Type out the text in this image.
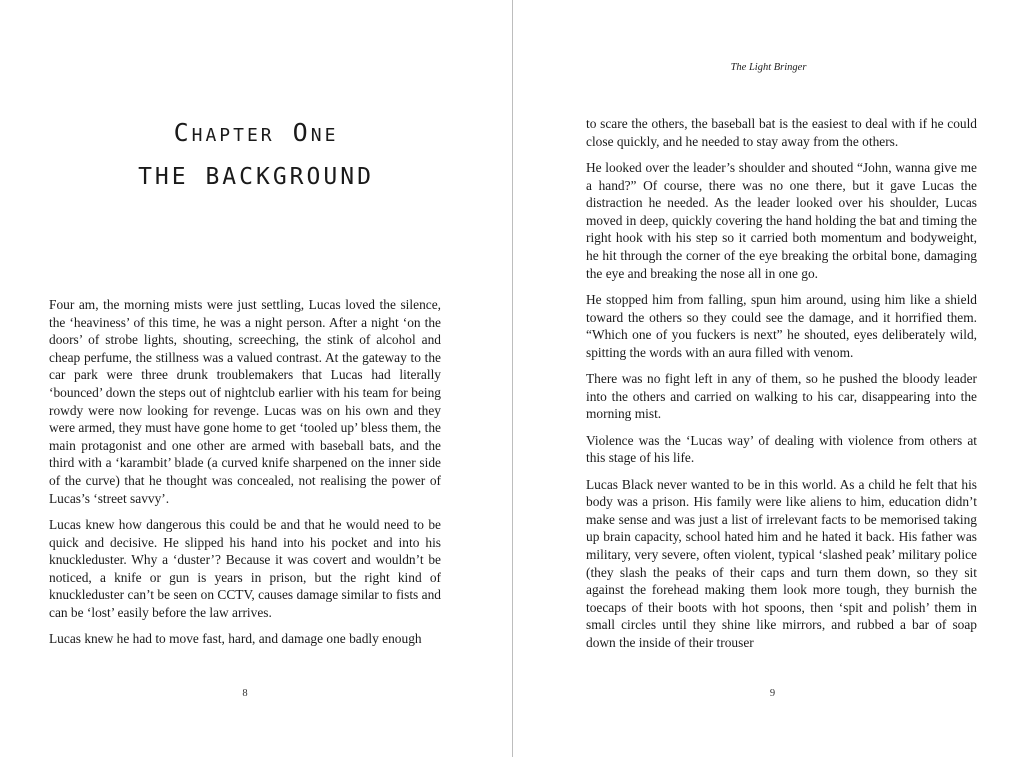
Chapter One
THE BACKGROUND

Four am, the morning mists were just settling, Lucas loved the silence, the ‘heaviness’ of this time, he was a night person. After a night ‘on the doors’ of strobe lights, shouting, screeching, the stink of alcohol and cheap perfume, the stillness was a valued contrast. At the gateway to the car park were three drunk troublemakers that Lucas had literally ‘bounced’ down the steps out of nightclub earlier with his team for being rowdy were now looking for revenge. Lucas was on his own and they were armed, they must have gone home to get ‘tooled up’ bless them, the main protagonist and one other are armed with baseball bats, and the third with a ‘karambit’ blade (a curved knife sharpened on the inner side of the curve) that he thought was concealed, not realising the power of Lucas’s ‘street savvy’.

Lucas knew how dangerous this could be and that he would need to be quick and decisive. He slipped his hand into his pocket and into his knuckleduster. Why a ‘duster’? Because it was covert and wouldn’t be noticed, a knife or gun is years in prison, but the right kind of knuckleduster can’t be seen on CCTV, causes damage similar to fists and can be ‘lost’ easily before the law arrives.

Lucas knew he had to move fast, hard, and damage one badly enough

8
The Light Bringer

to scare the others, the baseball bat is the easiest to deal with if he could close quickly, and he needed to stay away from the others.

He looked over the leader’s shoulder and shouted “John, wanna give me a hand?” Of course, there was no one there, but it gave Lucas the distraction he needed. As the leader looked over his shoulder, Lucas moved in deep, quickly covering the hand holding the bat and timing the right hook with his step so it carried both momentum and bodyweight, he hit through the corner of the eye breaking the orbital bone, damaging the eye and breaking the nose all in one go.

He stopped him from falling, spun him around, using him like a shield toward the others so they could see the damage, and it horrified them. “Which one of you fuckers is next” he shouted, eyes deliberately wild, spitting the words with an aura filled with venom.

There was no fight left in any of them, so he pushed the bloody leader into the others and carried on walking to his car, disappearing into the morning mist.

Violence was the ‘Lucas way’ of dealing with violence from others at this stage of his life.

Lucas Black never wanted to be in this world. As a child he felt that his body was a prison. His family were like aliens to him, education didn’t make sense and was just a list of irrelevant facts to be memorised taking up brain capacity, school hated him and he hated it back. His father was military, very severe, often violent, typical ‘slashed peak’ military police (they slash the peaks of their caps and turn them down, so they sit against the forehead making them look more tough, they burnish the toecaps of their boots with hot spoons, then ‘spit and polish’ them in small circles until they shine like mirrors, and rubbed a bar of soap down the inside of their trouser

9
